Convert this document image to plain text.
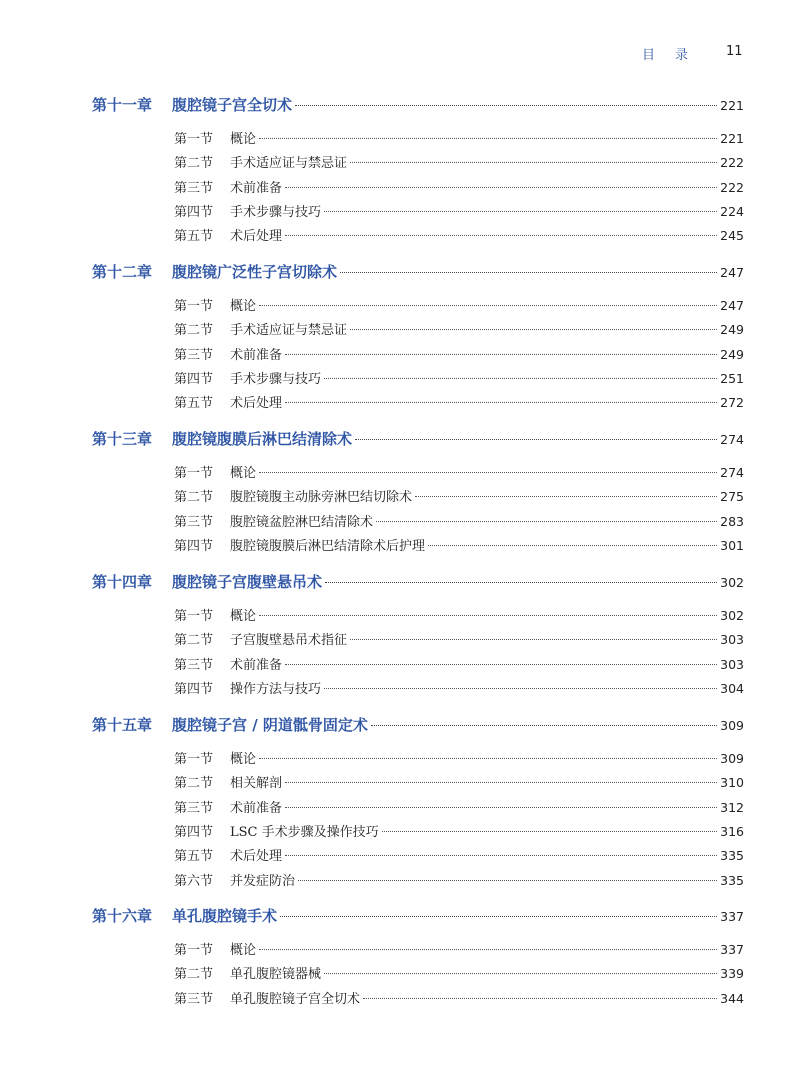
目录 11
第十一章	腹腔镜子宫全切术	221
第一节	概论	221
第二节	手术适应证与禁忌证	222
第三节	术前准备	222
第四节	手术步骤与技巧	224
第五节	术后处理	245
第十二章	腹腔镜广泛性子宫切除术	247
第一节	概论	247
第二节	手术适应证与禁忌证	249
第三节	术前准备	249
第四节	手术步骤与技巧	251
第五节	术后处理	272
第十三章	腹腔镜腹膜后淋巴结清除术	274
第一节	概论	274
第二节	腹腔镜腹主动脉旁淋巴结切除术	275
第三节	腹腔镜盆腔淋巴结清除术	283
第四节	腹腔镜腹膜后淋巴结清除术后护理	301
第十四章	腹腔镜子宫腹壁悬吊术	302
第一节	概论	302
第二节	子宫腹壁悬吊术指征	303
第三节	术前准备	303
第四节	操作方法与技巧	304
第十五章	腹腔镜子宫 / 阴道骶骨固定术	309
第一节	概论	309
第二节	相关解剖	310
第三节	术前准备	312
第四节	LSC 手术步骤及操作技巧	316
第五节	术后处理	335
第六节	并发症防治	335
第十六章	单孔腹腔镜手术	337
第一节	概论	337
第二节	单孔腹腔镜器械	339
第三节	单孔腹腔镜子宫全切术	344
